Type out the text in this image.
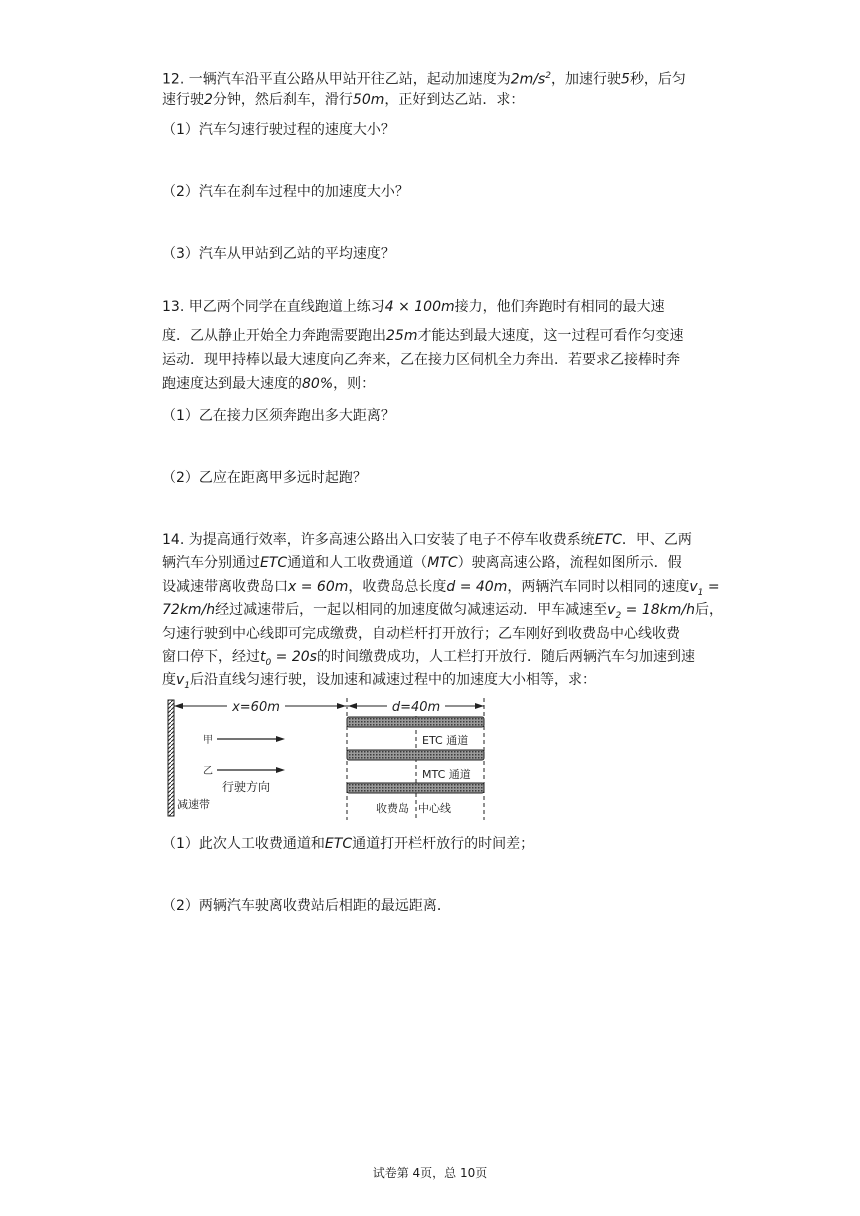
12. 一辆汽车沿平直公路从甲站开往乙站，起动加速度为$2m/s^2$，加速行驶5秒，后匀
速行驶2分钟，然后刹车，滑行50m，正好到达乙站．求：
（1）汽车匀速行驶过程的速度大小？
（2）汽车在刹车过程中的加速度大小？
（3）汽车从甲站到乙站的平均速度？
13. 甲乙两个同学在直线跑道上练习4 × 100m接力，他们奔跑时有相同的最大速
度．乙从静止开始全力奔跑需要跑出25m才能达到最大速度，这一过程可看作匀变速
运动．现甲持棒以最大速度向乙奔来，乙在接力区伺机全力奔出．若要求乙接棒时奔
跑速度达到最大速度的80%，则：
（1）乙在接力区须奔跑出多大距离？
（2）乙应在距离甲多远时起跑？
14. 为提高通行效率，许多高速公路出入口安装了电子不停车收费系统ETC．甲、乙两
辆汽车分别通过ETC通道和人工收费通道（MTC）驶离高速公路，流程如图所示．假
设减速带离收费岛口x = 60m，收费岛总长度d = 40m，两辆汽车同时以相同的速度$v_1$ =
72km/h经过减速带后，一起以相同的加速度做匀减速运动．甲车减速至$v_2 = 18km/h$后，
匀速行驶到中心线即可完成缴费，自动栏杆打开放行；乙车刚好到收费岛中心线收费
窗口停下，经过$t_0 = 20s$的时间缴费成功，人工栏打开放行．随后两辆汽车匀加速到速
度$v_1$后沿直线匀速行驶，设加速和减速过程中的加速度大小相等，求：
x=60m	d=40m
ETC 通道
MTC 通道
甲
乙
行驶方向
减速带	收费岛 中心线
（1）此次人工收费通道和ETC通道打开栏杆放行的时间差；
（2）两辆汽车驶离收费站后相距的最远距离．
试卷第 4页，总 10页
